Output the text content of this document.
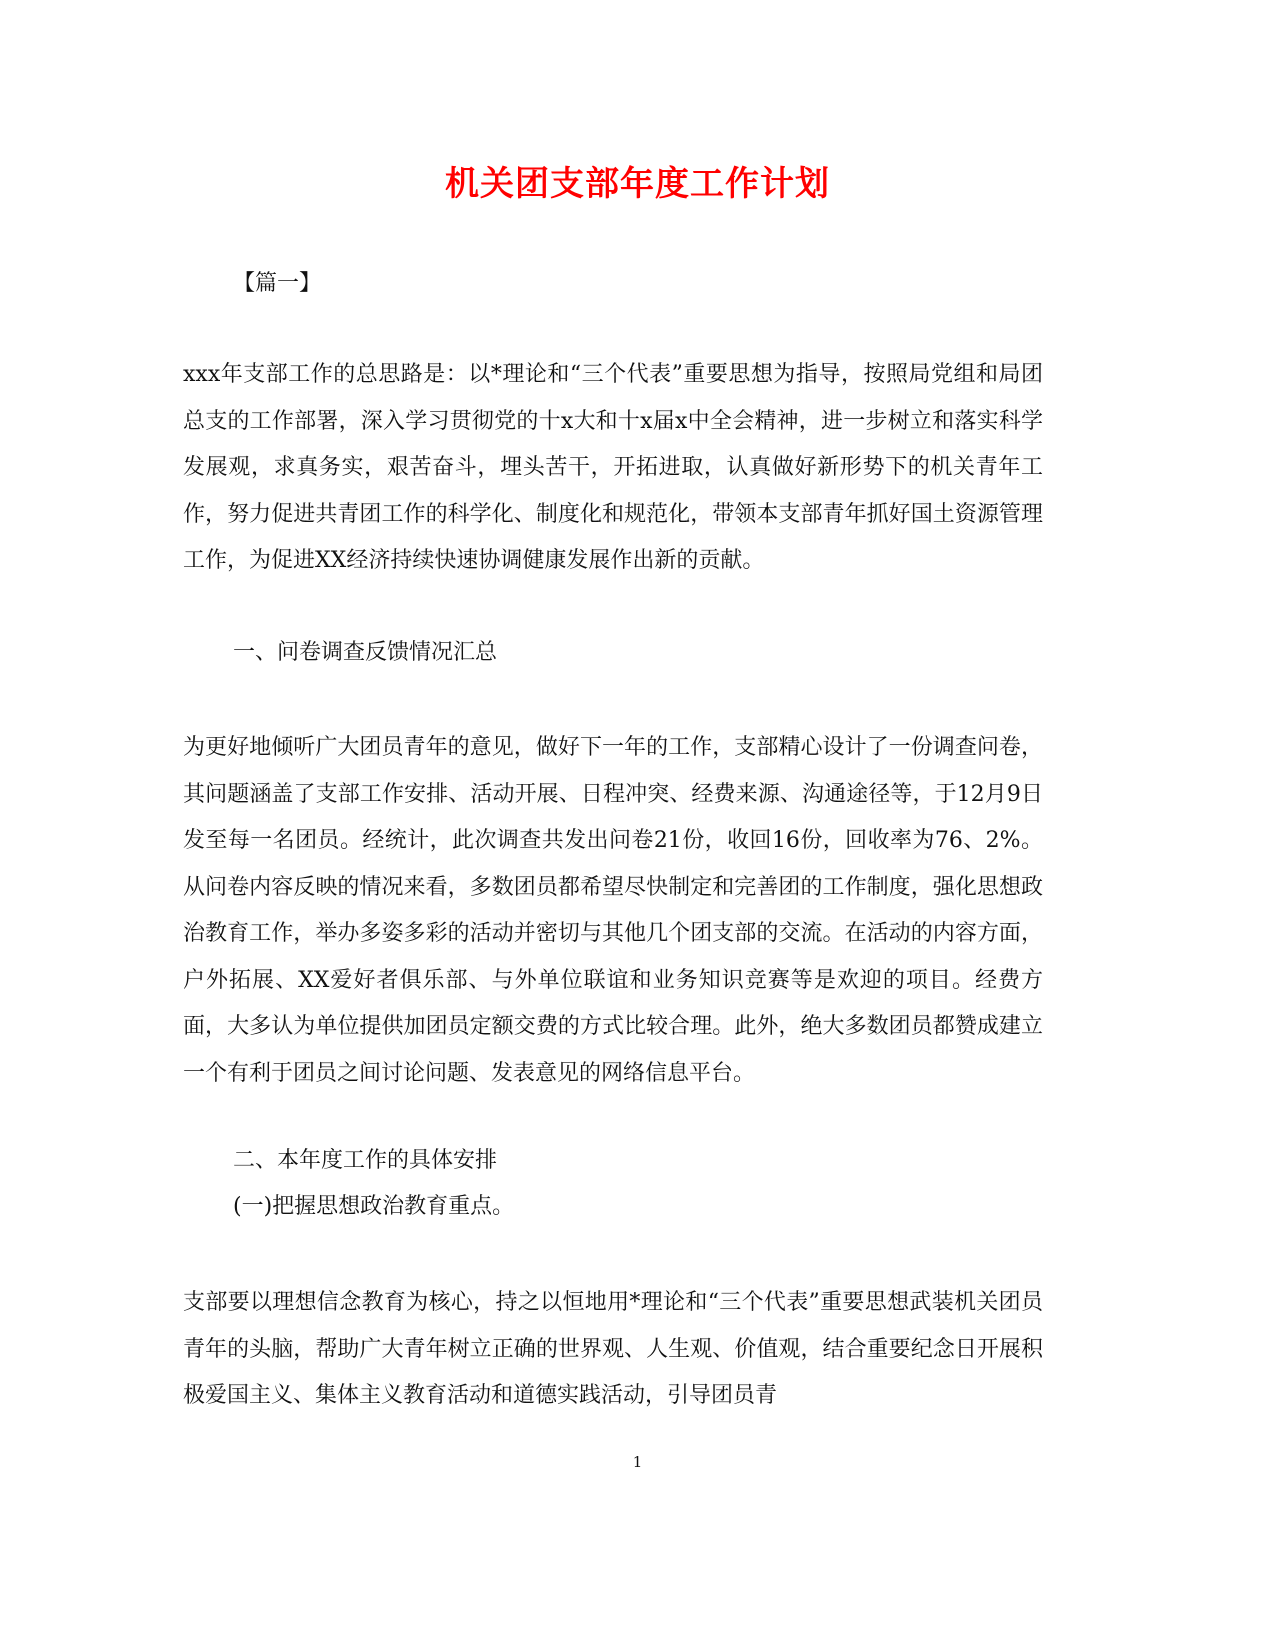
机关团支部年度工作计划
【篇一】
xxx年支部工作的总思路是：以*理论和“三个代表”重要思想为指导，按照局党组和局团总支的工作部署，深入学习贯彻党的十x大和十x届x中全会精神，进一步树立和落实科学发展观，求真务实，艰苦奋斗，埋头苦干，开拓进取，认真做好新形势下的机关青年工作，努力促进共青团工作的科学化、制度化和规范化，带领本支部青年抓好国土资源管理工作，为促进XX经济持续快速协调健康发展作出新的贡献。
一、问卷调查反馈情况汇总
为更好地倾听广大团员青年的意见，做好下一年的工作，支部精心设计了一份调查问卷，其问题涵盖了支部工作安排、活动开展、日程冲突、经费来源、沟通途径等，于12月9日发至每一名团员。经统计，此次调查共发出问卷21份，收回16份，回收率为76、2%。从问卷内容反映的情况来看，多数团员都希望尽快制定和完善团的工作制度，强化思想政治教育工作，举办多姿多彩的活动并密切与其他几个团支部的交流。在活动的内容方面，户外拓展、XX爱好者俱乐部、与外单位联谊和业务知识竞赛等是欢迎的项目。经费方面，大多认为单位提供加团员定额交费的方式比较合理。此外，绝大多数团员都赞成建立一个有利于团员之间讨论问题、发表意见的网络信息平台。
二、本年度工作的具体安排
(一)把握思想政治教育重点。
支部要以理想信念教育为核心，持之以恒地用*理论和“三个代表”重要思想武装机关团员青年的头脑，帮助广大青年树立正确的世界观、人生观、价值观，结合重要纪念日开展积极爱国主义、集体主义教育活动和道德实践活动，引导团员青
1
